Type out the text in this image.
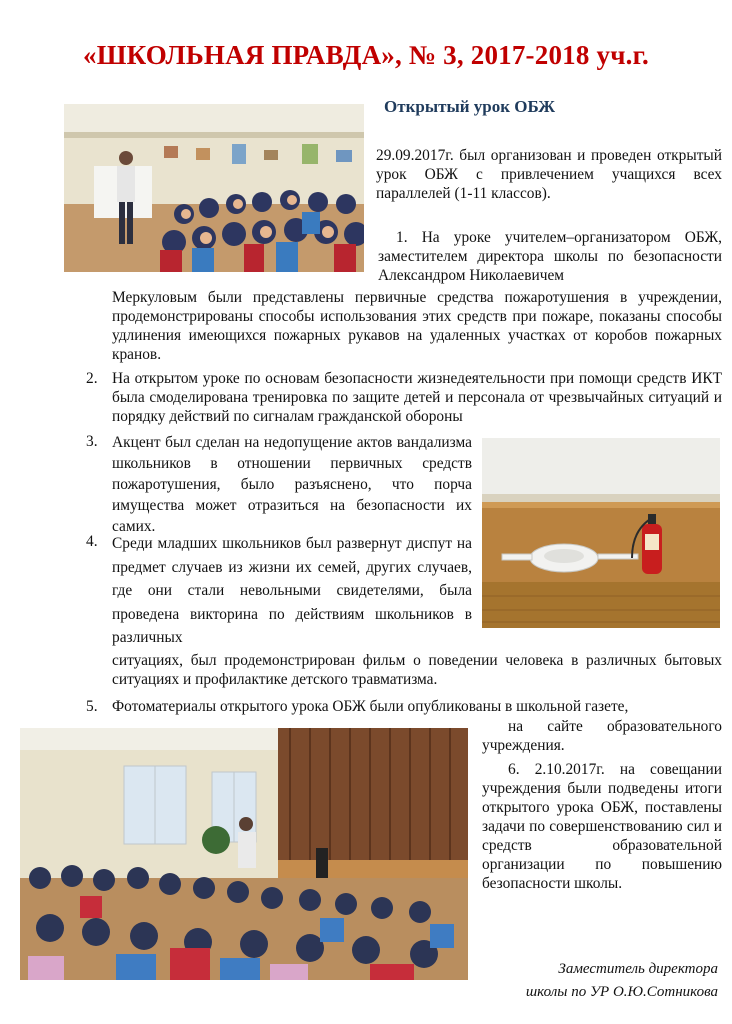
«ШКОЛЬНАЯ ПРАВДА», № 3, 2017-2018 уч.г.
Открытый урок ОБЖ
29.09.2017г. был организован и проведен открытый урок ОБЖ с привлечением учащихся всех параллелей (1-11 классов).
1. На уроке учителем–организатором ОБЖ, заместителем директора школы по безопасности Александром Николаевичем
Меркуловым были представлены первичные средства пожаротушения в учреждении, продемонстрированы способы использования этих средств при пожаре, показаны способы удлинения имеющихся пожарных рукавов на удаленных участках от коробов пожарных кранов.
2. На открытом уроке по основам безопасности жизнедеятельности при помощи средств ИКТ была смоделирована тренировка по защите детей и персонала от чрезвычайных ситуаций и порядку действий по сигналам гражданской обороны
3. Акцент был сделан на недопущение актов вандализма школьников в отношении первичных средств пожаротушения, было разъяснено, что порча имущества может отразиться на безопасности их самих.
4. Среди младших школьников был развернут диспут на предмет случаев из жизни их семей, других случаев, где они стали невольными свидетелями, была проведена викторина по действиям школьников в различных
ситуациях, был продемонстрирован фильм о поведении человека в различных бытовых ситуациях и профилактике детского травматизма.
5. Фотоматериалы открытого урока ОБЖ были опубликованы в школьной газете,
на сайте образовательного учреждения.
6. 2.10.2017г. на совещании учреждения были подведены итоги открытого урока ОБЖ, поставлены задачи по совершенствованию сил и средств образовательной организации по повышению безопасности школы.
Заместитель директора
школы по УР О.Ю.Сотникова
